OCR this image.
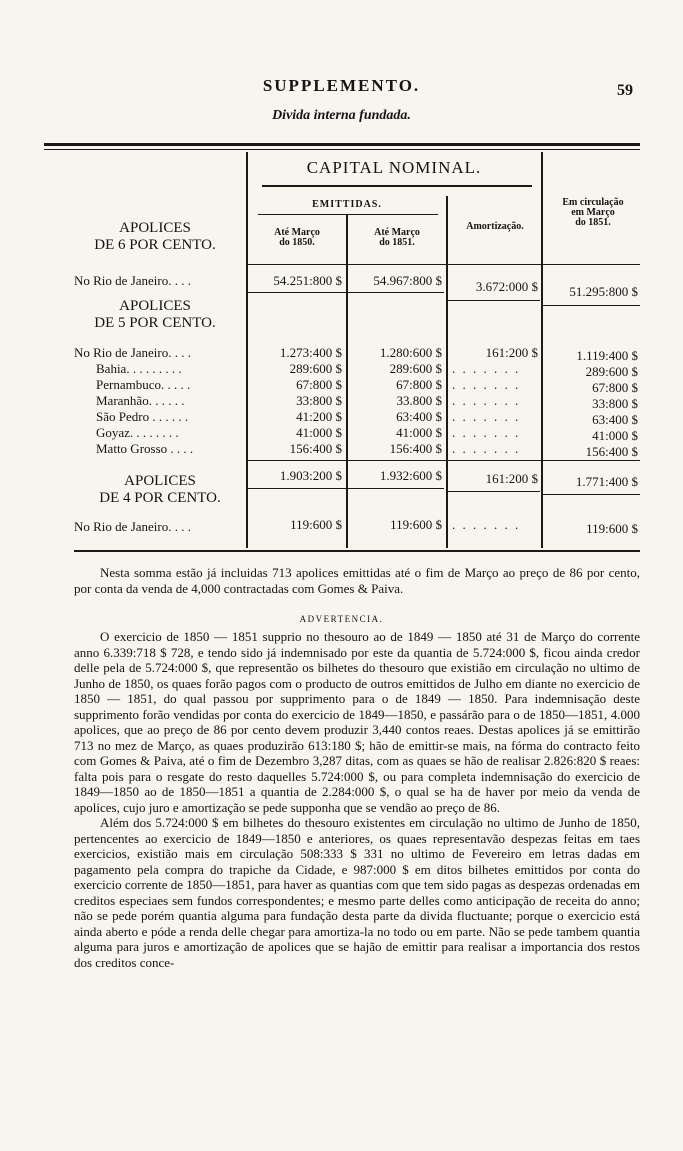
SUPPLEMENTO.	59
Divida interna fundada.
CAPITAL NOMINAL.
EMITTIDAS.
Até Março
do 1850.
Até Março
do 1851.
Amortização.
Em circulação
em Março
do 1851.
APOLICES
DE 6 POR CENTO.
No Rio de Janeiro. . . .	54.251:800 $	54.967:800 $	3.672:000 $	51.295:800 $
APOLICES
DE 5 POR CENTO.
No Rio de Janeiro. . . .	1.273:400 $	1.280:600 $	161:200 $	1.119:400 $
Bahia. . . . . . . . .	289:600 $	289:600 $ . . . . . . .	289:600 $
Pernambuco. . . . .	67:800 $	67:800 $ . . . . . . .	67:800 $
Maranhão. . . . . .	33:800 $	33.800 $ . . . . . . .	33:800 $
São Pedro . . . . . .	41:200 $	63:400 $ . . . . . . .	63:400 $
Goyaz. . . . . . . .	41:000 $	41:000 $ . . . . . . .	41:000 $
Matto Grosso . . . .	156:400 $	156:400 $ . . . . . . .	156:400 $
1.903:200 $	1.932:600 $	161:200 $	1.771:400 $
APOLICES
DE 4 POR CENTO.
No Rio de Janeiro. . . .	119:600 $	119:600 $ . . . . . . .	119:600 $

Nesta somma estão já incluidas 713 apolices emittidas até o fim de Março ao preço de 86 por cento, por conta da venda de 4,000 contractadas com Gomes & Paiva.

ADVERTENCIA.

O exercicio de 1850 — 1851 supprio no thesouro ao de 1849 — 1850 até 31 de Março do corrente anno 6.339:718 $ 728, e tendo sido já indemnisado por este da quantia de 5.724:000 $, ficou ainda credor delle pela de 5.724:000 $, que representão os bilhetes do thesouro que existião em circulação no ultimo de Junho de 1850, os quaes forão pagos com o producto de outros emittidos de Julho em diante no exercicio de 1850 — 1851, do qual passou por supprimento para o de 1849 — 1850. Para indemnisação deste supprimento forão vendidas por conta do exercicio de 1849—1850, e passárão para o de 1850—1851, 4.000 apolices, que ao preço de 86 por cento devem produzir 3,440 contos reaes. Destas apolices já se emittirão 713 no mez de Março, as quaes produzirão 613:180 $; hão de emittir-se mais, na fórma do contracto feito com Gomes & Paiva, até o fim de Dezembro 3,287 ditas, com as quaes se hão de realisar 2.826:820 $ reaes: falta pois para o resgate do resto daquelles 5.724:000 $, ou para completa indemnisação do exercicio de 1849—1850 ao de 1850—1851 a quantia de 2.284:000 $, o qual se ha de haver por meio da venda de apolices, cujo juro e amortização se pede supponha que se vendão ao preço de 86.

Além dos 5.724:000 $ em bilhetes do thesouro existentes em circulação no ultimo de Junho de 1850, pertencentes ao exercicio de 1849—1850 e anteriores, os quaes representavão despezas feitas em taes exercicios, existião mais em circulação 508:333 $ 331 no ultimo de Fevereiro em letras dadas em pagamento pela compra do trapiche da Cidade, e 987:000 $ em ditos bilhetes emittidos por conta do exercicio corrente de 1850—1851, para haver as quantias com que tem sido pagas as despezas ordenadas em creditos especiaes sem fundos correspondentes; e mesmo parte delles como anticipação de receita do anno; não se pede porém quantia alguma para fundação desta parte da divida fluctuante; porque o exercicio está ainda aberto e póde a renda delle chegar para amortiza-la no todo ou em parte. Não se pede tambem quantia alguma para juros e amortização de apolices que se hajão de emittir para realisar a importancia dos restos dos creditos conce-
